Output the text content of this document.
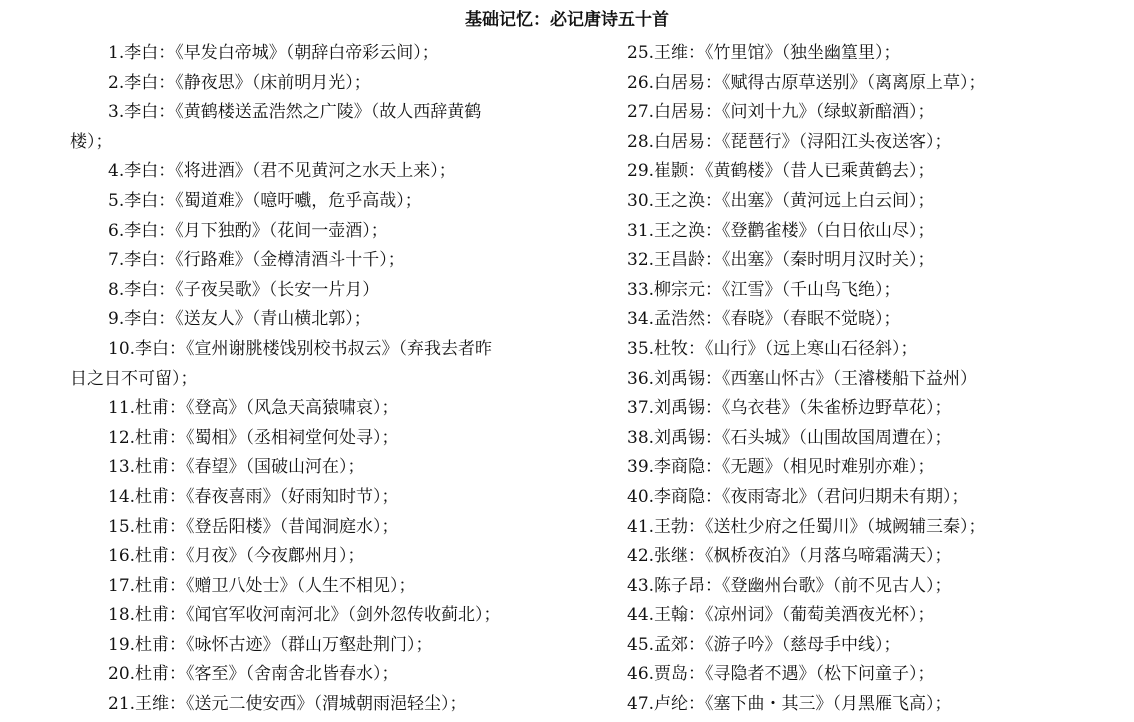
基础记忆：必记唐诗五十首
1.李白：《早发白帝城》（朝辞白帝彩云间）；
2.李白：《静夜思》（床前明月光）；
3.李白：《黄鹤楼送孟浩然之广陵》（故人西辞黄鹤
楼）；
4.李白：《将进酒》（君不见黄河之水天上来）；
5.李白：《蜀道难》（噫吁嚱，危乎高哉）；
6.李白：《月下独酌》（花间一壶酒）；
7.李白：《行路难》（金樽清酒斗十千）；
8.李白：《子夜吴歌》（长安一片月）
9.李白：《送友人》（青山横北郭）；
10.李白：《宣州谢朓楼饯别校书叔云》（弃我去者昨
日之日不可留）；
11.杜甫：《登高》（风急天高猿啸哀）；
12.杜甫：《蜀相》（丞相祠堂何处寻）；
13.杜甫：《春望》（国破山河在）；
14.杜甫：《春夜喜雨》（好雨知时节）；
15.杜甫：《登岳阳楼》（昔闻洞庭水）；
16.杜甫：《月夜》（今夜鄜州月）；
17.杜甫：《赠卫八处士》（人生不相见）；
18.杜甫：《闻官军收河南河北》（剑外忽传收蓟北）；
19.杜甫：《咏怀古迹》（群山万壑赴荆门）；
20.杜甫：《客至》（舍南舍北皆春水）；
21.王维：《送元二使安西》（渭城朝雨浥轻尘）；
25.王维：《竹里馆》（独坐幽篁里）；
26.白居易：《赋得古原草送别》（离离原上草）；
27.白居易：《问刘十九》（绿蚁新醅酒）；
28.白居易：《琵琶行》（浔阳江头夜送客）；
29.崔颢：《黄鹤楼》（昔人已乘黄鹤去）；
30.王之涣：《出塞》（黄河远上白云间）；
31.王之涣：《登鹳雀楼》（白日依山尽）；
32.王昌龄：《出塞》（秦时明月汉时关）；
33.柳宗元：《江雪》（千山鸟飞绝）；
34.孟浩然：《春晓》（春眠不觉晓）；
35.杜牧：《山行》（远上寒山石径斜）；
36.刘禹锡：《西塞山怀古》（王濬楼船下益州）
37.刘禹锡：《乌衣巷》（朱雀桥边野草花）；
38.刘禹锡：《石头城》（山围故国周遭在）；
39.李商隐：《无题》（相见时难别亦难）；
40.李商隐：《夜雨寄北》（君问归期未有期）；
41.王勃：《送杜少府之任蜀川》（城阙辅三秦）；
42.张继：《枫桥夜泊》（月落乌啼霜满天）；
43.陈子昂：《登幽州台歌》（前不见古人）；
44.王翰：《凉州词》（葡萄美酒夜光杯）；
45.孟郊：《游子吟》（慈母手中线）；
46.贾岛：《寻隐者不遇》（松下问童子）；
47.卢纶：《塞下曲・其三》（月黑雁飞高）；
